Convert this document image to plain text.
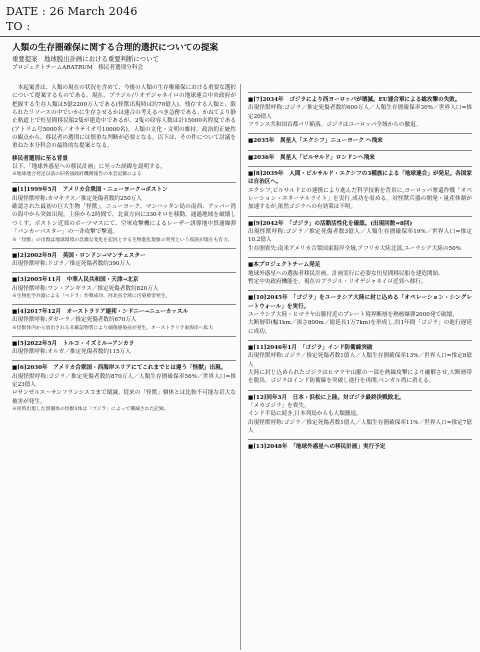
DATE : 26 March 2046
TO :
人類の生存圏確保に関する合理的選択についての提案
重要提案　地球脱出計画における重要判断について
プロジェクトチームARATRUM　移民者選別分科会

本起案書は、人類の現在の状況を含めて、今後の人類の生存権確保における重要な選択について提案するものである。現在、ブラジル/リオデジャネイロの地球連合中央政府が把握する生存人類は5億2200万人である(怪獣出現時は約70億人)。残存する人類と、限られたリソースの中でいかに生存させるかは連合の考えるべき急務である。かねてより静止軌道上で恒星間移民船2隻が建造中であるが、2隻の収容人数は計15000名程度である(アトラム号5000名／オラテイオ号10000名)。人類の文化・文明の維持、政治的正統性の観点から、移民者の選別には慎重な判断が必要となる。以下は、その件について討議を重ねた本分科会の最終的な提案となる。

移民者選別に至る背景
以下、「地球外惑星への移民計画」に至った経緯を説明する。
※地球連合発足以前の旧各国政府機関報告の本会記載による
■[1]1999年5月　アメリカ合衆国・ニューヨーク→ボストン
出現怪獣呼称:カマキラス／推定死傷者数約250万人
確認された最初の巨大生物「怪獣」。ニューヨーク、マンハッタン島の南西、アッパー湾の海中から突如出現。上陸から2時間で、北東方向に330キロを移動。通過地域を破壊しつくす。ボストン近郊のボーツマスにて、空軍攻撃機によるレーザー誘導地中貫通爆弾「バンカーバスター」の一斉攻撃で撃退。
※「怪獣」の出現は地球環境の急激な変化を起因とする生物進化現象の突発という仮説が現在も有力。
■[2]2002年9月　英国・ロンドン→マンチェスター
出現怪獣呼称:ドゴラ／推定死傷者数約390万人
■[3]2005年11月　中華人民共和国・天津→北京
出現怪獣呼称:ワン・アンギラス／推定死傷者数約820万人
※生物化学兵器による「ペドラ」作戦成功、河北省全域に汚染被害発生。
■[4]2017年12月　オーストラリア連邦・シドニー→ニューカッスル
出現怪獣呼称:ダガーラ／推定死傷者数約670万人
※怪獣体内から放出される未確認物質により細菌感染症が発生。オーストラリア東海岸へ拡大
■[5]2022年5月　トルコ・イズミル→アンカラ
出現怪獣呼称:オルガ／推定死傷者数約115万人
■[6]2030年　アメリカ合衆国・西海岸エリアにてこれまでとは違う「怪獣」出現。
出現怪獣呼称:ゴジラ／推定死傷者数約870万人／人類生存圏確保率56%／世界人口=推定23億人
ロサンゼルス～サンフランシスコまで壊滅。従来の「怪獣」個体とは比較不可能な甚大な被害が発生。
※同時出現した別個体の怪獣3体は「ゴジラ」によって殲滅された記録。
■[7]2034年　ゴジラにより西ヨーロッパが壊滅。EU連合軍による総攻撃の失敗。
出現怪獣呼称:ゴジラ／推定死傷者数約600万人／人類生存圏確保率30%／世界人口=推定20億人
フランス共和国首都パリ陥落。ゴジラはユーロッパ全域からの撤退。
■2035年　異星人「エクシフ」ニューヨーク へ飛来
■2036年　異星人「ビルサルド」ロンドンへ飛来
■[8]2039年　人間・ビルサルド・エクシフの3種族による「地球連合」が発足。各国家は自治区へ。
エクシフ,ビルサルドとの連携により進んだ科学技術を背景に,ヨーロッパ奪還作戦「オペレーション・エターナルライト」を実行,成功を収める。対怪獣兵器の開発・量産体制が加速するが,依然ゴジラへの有効策は不明。
■[9]2042年　「ゴジラ」の活動活性化を確認。(出現回数=8回)
出現怪獣呼称:ゴジラ／推定死傷者数3億人／人類生存圏確保率19%／世界人口=推定10.2億人
生存圏喪失:南米アメリカ合衆国東海岸全域,アフリカ大陸北部,ユーラシア大陸の50%
■本プロジェクトチーム発足
地球外惑星への選抜者移民計画。計画実行に必要な恒星間移民船を建造開始。
暫定中央政府機能を、現在のブラジル・リオデジャネイロ近郊へ移行。
■[10]2045年　「ゴジラ」をユーラシア大陸に封じ込める「オペレーション・シングレートウォール」を実行。
ユーラシア大陸・ヒマラヤ山脈付近のプレート境界断層を熱核爆弾2000発で破壊。
大断層帯(幅1km／深さ800m／総延長1万7km)を形成し,約1年間「ゴジラ」の進行遅延に成功。
■[11]2046年1月　「ゴジラ」インド防衛線突破
出現怪獣呼称:ゴジラ／推定死傷者数1億人／人類生存圏確保率13%／世界人口=推定8億人
大陸に封じ込められたゴジラはヒマラヤ山脈の一部を熱線攻撃により融解させ,大断層帯を脱出。ゴジラはインド防衛線を突破し進行を再開,ベンガル湾に消える。
■[12]同年3月　日本・浜松に上陸。対ゴジラ最終決戦敗北。
「メカゴジラ」を喪失。
インド半島に続き,日本列島からも人類撤退。
出現怪獣呼称:ゴジラ／推定死傷者数1億人／人類生存圏確保率11%／世界人口=推定7億人
■[13]2048年　「地球外惑星への移民計画」実行予定
